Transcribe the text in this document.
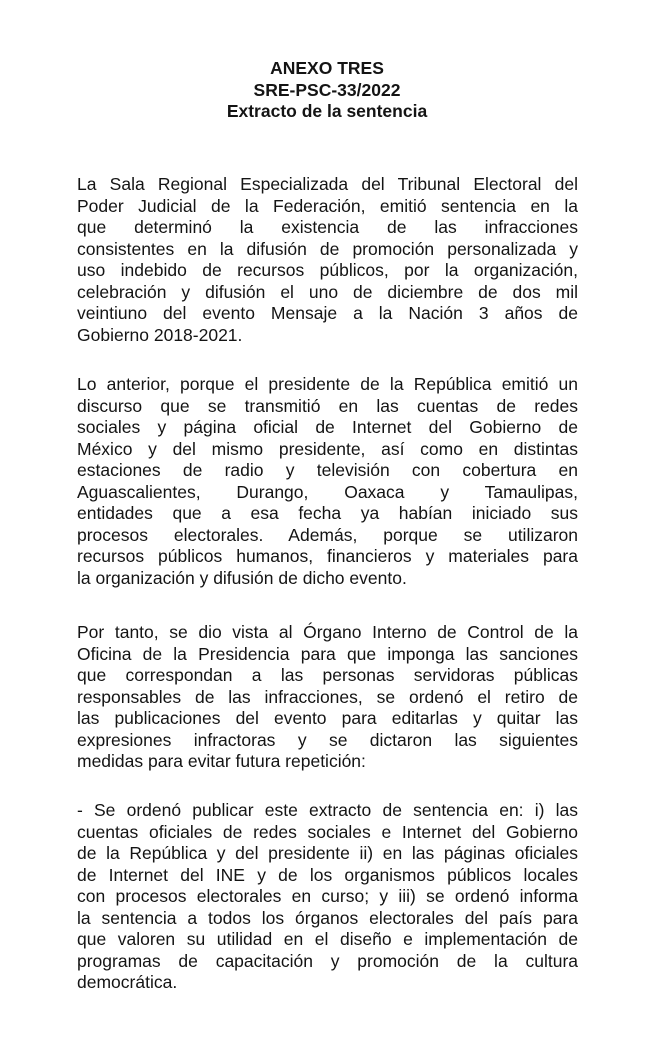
ANEXO TRES
SRE-PSC-33/2022
Extracto de la sentencia
La Sala Regional Especializada del Tribunal Electoral del
Poder Judicial de la Federación, emitió sentencia en la
que determinó la existencia de las infracciones
consistentes en la difusión de promoción personalizada y
uso indebido de recursos públicos, por la organización,
celebración y difusión el uno de diciembre de dos mil
veintiuno del evento Mensaje a la Nación 3 años de
Gobierno 2018-2021.
Lo anterior, porque el presidente de la República emitió un
discurso que se transmitió en las cuentas de redes
sociales y página oficial de Internet del Gobierno de
México y del mismo presidente, así como en distintas
estaciones de radio y televisión con cobertura en
Aguascalientes, Durango, Oaxaca y Tamaulipas,
entidades que a esa fecha ya habían iniciado sus
procesos electorales. Además, porque se utilizaron
recursos públicos humanos, financieros y materiales para
la organización y difusión de dicho evento.
Por tanto, se dio vista al Órgano Interno de Control de la
Oficina de la Presidencia para que imponga las sanciones
que correspondan a las personas servidoras públicas
responsables de las infracciones, se ordenó el retiro de
las publicaciones del evento para editarlas y quitar las
expresiones infractoras y se dictaron las siguientes
medidas para evitar futura repetición:
- Se ordenó publicar este extracto de sentencia en: i) las
cuentas oficiales de redes sociales e Internet del Gobierno
de la República y del presidente ii) en las páginas oficiales
de Internet del INE y de los organismos públicos locales
con procesos electorales en curso; y iii) se ordenó informa
la sentencia a todos los órganos electorales del país para
que valoren su utilidad en el diseño e implementación de
programas de capacitación y promoción de la cultura
democrática.
